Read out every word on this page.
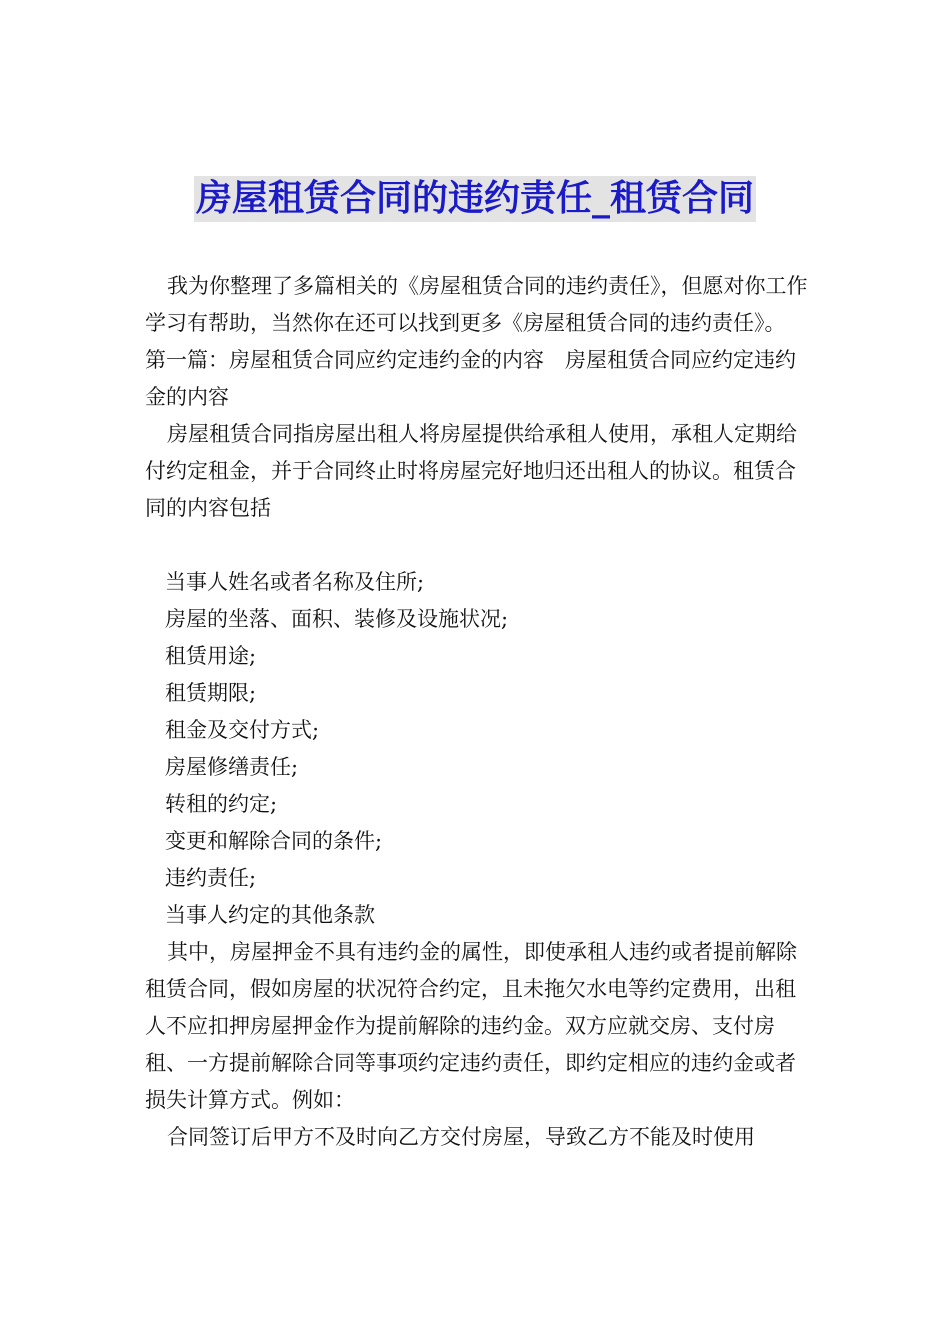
房屋租赁合同的违约责任_租赁合同

我为你整理了多篇相关的《房屋租赁合同的违约责任》，但愿对你工作学习有帮助，当然你在还可以找到更多《房屋租赁合同的违约责任》。

第一篇：房屋租赁合同应约定违约金的内容　房屋租赁合同应约定违约金的内容

房屋租赁合同指房屋出租人将房屋提供给承租人使用，承租人定期给付约定租金，并于合同终止时将房屋完好地归还出租人的协议。租赁合同的内容包括

当事人姓名或者名称及住所;

房屋的坐落、面积、装修及设施状况;

租赁用途;

租赁期限;

租金及交付方式;

房屋修缮责任;

转租的约定;

变更和解除合同的条件;

违约责任;

当事人约定的其他条款

其中，房屋押金不具有违约金的属性，即使承租人违约或者提前解除租赁合同，假如房屋的状况符合约定，且未拖欠水电等约定费用，出租人不应扣押房屋押金作为提前解除的违约金。双方应就交房、支付房租、一方提前解除合同等事项约定违约责任，即约定相应的违约金或者损失计算方式。例如：

合同签订后甲方不及时向乙方交付房屋，导致乙方不能及时使用
